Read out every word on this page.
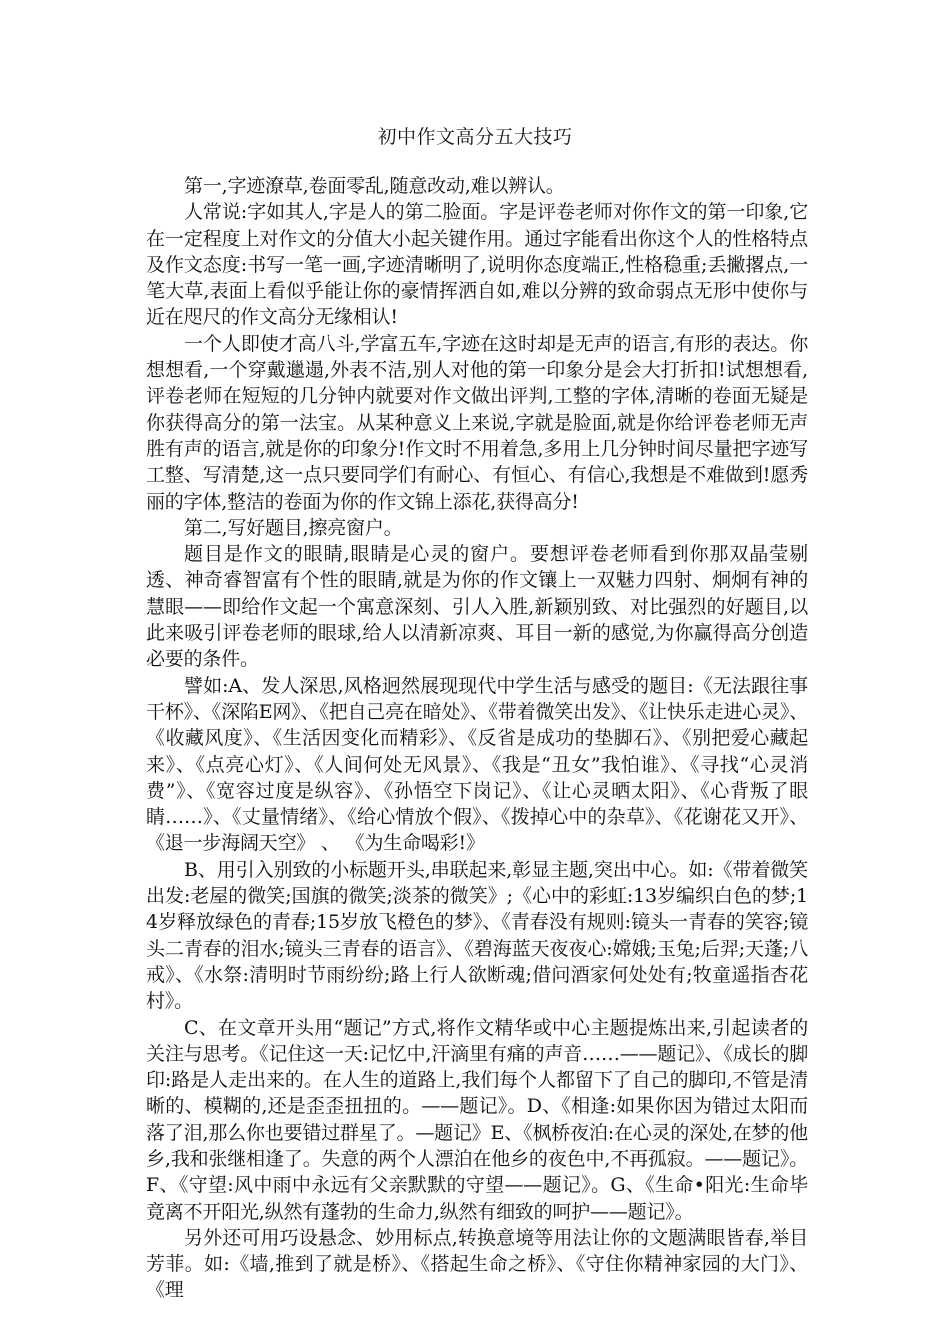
初中作文高分五大技巧

第一,字迹潦草,卷面零乱,随意改动,难以辨认。

人常说:字如其人,字是人的第二脸面。字是评卷老师对你作文的第一印象,它在一定程度上对作文的分值大小起关键作用。通过字能看出你这个人的性格特点及作文态度:书写一笔一画,字迹清晰明了,说明你态度端正,性格稳重;丢撇撂点,一笔大草,表面上看似乎能让你的豪情挥洒自如,难以分辨的致命弱点无形中使你与近在咫尺的作文高分无缘相认!

一个人即使才高八斗,学富五车,字迹在这时却是无声的语言,有形的表达。你想想看,一个穿戴邋遢,外表不洁,别人对他的第一印象分是会大打折扣!试想想看,评卷老师在短短的几分钟内就要对作文做出评判,工整的字体,清晰的卷面无疑是你获得高分的第一法宝。从某种意义上来说,字就是脸面,就是你给评卷老师无声胜有声的语言,就是你的印象分!作文时不用着急,多用上几分钟时间尽量把字迹写工整、写清楚,这一点只要同学们有耐心、有恒心、有信心,我想是不难做到!愿秀丽的字体,整洁的卷面为你的作文锦上添花,获得高分!

第二,写好题目,擦亮窗户。

题目是作文的眼睛,眼睛是心灵的窗户。要想评卷老师看到你那双晶莹剔透、神奇睿智富有个性的眼睛,就是为你的作文镶上一双魅力四射、炯炯有神的慧眼——即给作文起一个寓意深刻、引人入胜,新颖别致、对比强烈的好题目,以此来吸引评卷老师的眼球,给人以清新凉爽、耳目一新的感觉,为你赢得高分创造必要的条件。

譬如:A、发人深思,风格迥然展现现代中学生活与感受的题目:《无法跟往事干杯》、《深陷E网》、《把自己亮在暗处》、《带着微笑出发》、《让快乐走进心灵》、《收藏风度》、《生活因变化而精彩》、《反省是成功的垫脚石》、《别把爱心藏起来》、《点亮心灯》、《人间何处无风景》、《我是“丑女”我怕谁》、《寻找“心灵消费”》、《宽容过度是纵容》、《孙悟空下岗记》、《让心灵晒太阳》、《心背叛了眼睛……》、《丈量情绪》、《给心情放个假》、《拨掉心中的杂草》、《花谢花又开》、《退一步海阔天空》 、 《为生命喝彩!》

B、用引入别致的小标题开头,串联起来,彰显主题,突出中心。如:《带着微笑出发:老屋的微笑;国旗的微笑;淡茶的微笑》;《心中的彩虹:13岁编织白色的梦;14岁释放绿色的青春;15岁放飞橙色的梦》、《青春没有规则:镜头一青春的笑容;镜头二青春的泪水;镜头三青春的语言》、《碧海蓝天夜夜心:嫦娥;玉兔;后羿;天蓬;八戒》、《水祭:清明时节雨纷纷;路上行人欲断魂;借问酒家何处处有;牧童遥指杏花村》。

C、在文章开头用“题记”方式,将作文精华或中心主题提炼出来,引起读者的关注与思考。《记住这一天:记忆中,汗滴里有痛的声音……——题记》、《成长的脚印:路是人走出来的。在人生的道路上,我们每个人都留下了自己的脚印,不管是清晰的、模糊的,还是歪歪扭扭的。——题记》。D、《相逢:如果你因为错过太阳而落了泪,那么你也要错过群星了。—题记》E、《枫桥夜泊:在心灵的深处,在梦的他乡,我和张继相逢了。失意的两个人漂泊在他乡的夜色中,不再孤寂。——题记》。F、《守望:风中雨中永远有父亲默默的守望——题记》。G、《生命•阳光:生命毕竟离不开阳光,纵然有蓬勃的生命力,纵然有细致的呵护——题记》。

另外还可用巧设悬念、妙用标点,转换意境等用法让你的文题满眼皆春,举目芳菲。如:《墙,推到了就是桥》、《搭起生命之桥》、《守住你精神家园的大门》、《理
